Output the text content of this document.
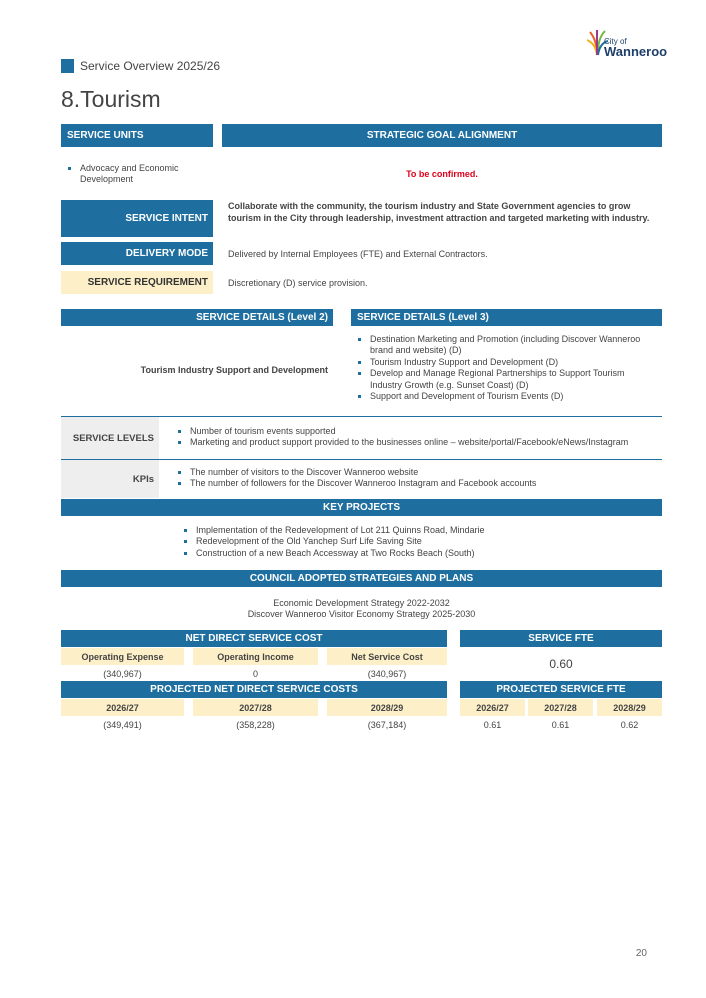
Service Overview 2025/26
8.Tourism
City of
Wanneroo
SERVICE UNITS	STRATEGIC GOAL ALIGNMENT
Advocacy and Economic Development
To be confirmed.
SERVICE INTENT
Collaborate with the community, the tourism industry and State Government agencies to grow tourism in the City through leadership, investment attraction and targeted marketing with industry.
DELIVERY MODE	Delivered by Internal Employees (FTE) and External Contractors.
SERVICE REQUIREMENT	Discretionary (D) service provision.
SERVICE DETAILS (Level 2)	SERVICE DETAILS (Level 3)
Tourism Industry Support and Development
Destination Marketing and Promotion (including Discover Wanneroo brand and website) (D)
Tourism Industry Support and Development (D)
Develop and Manage Regional Partnerships to Support Tourism Industry Growth (e.g. Sunset Coast) (D)
Support and Development of Tourism Events (D)
SERVICE LEVELS
Number of tourism events supported
Marketing and product support provided to the businesses online – website/portal/Facebook/eNews/Instagram
KPIs
The number of visitors to the Discover Wanneroo website
The number of followers for the Discover Wanneroo Instagram and Facebook accounts
KEY PROJECTS
Implementation of the Redevelopment of Lot 211 Quinns Road, Mindarie
Redevelopment of the Old Yanchep Surf Life Saving Site
Construction of a new Beach Accessway at Two Rocks Beach (South)
COUNCIL ADOPTED STRATEGIES AND PLANS
Economic Development Strategy 2022-2032
Discover Wanneroo Visitor Economy Strategy 2025-2030
NET DIRECT SERVICE COST
Operating Expense	Operating Income	Net Service Cost
(340,967)	0	(340,967)
SERVICE FTE
0.60
PROJECTED NET DIRECT SERVICE COSTS
2026/27	2027/28	2028/29
(349,491)	(358,228)	(367,184)
PROJECTED SERVICE FTE
2026/27	2027/28	2028/29
0.61	0.61	0.62
20
